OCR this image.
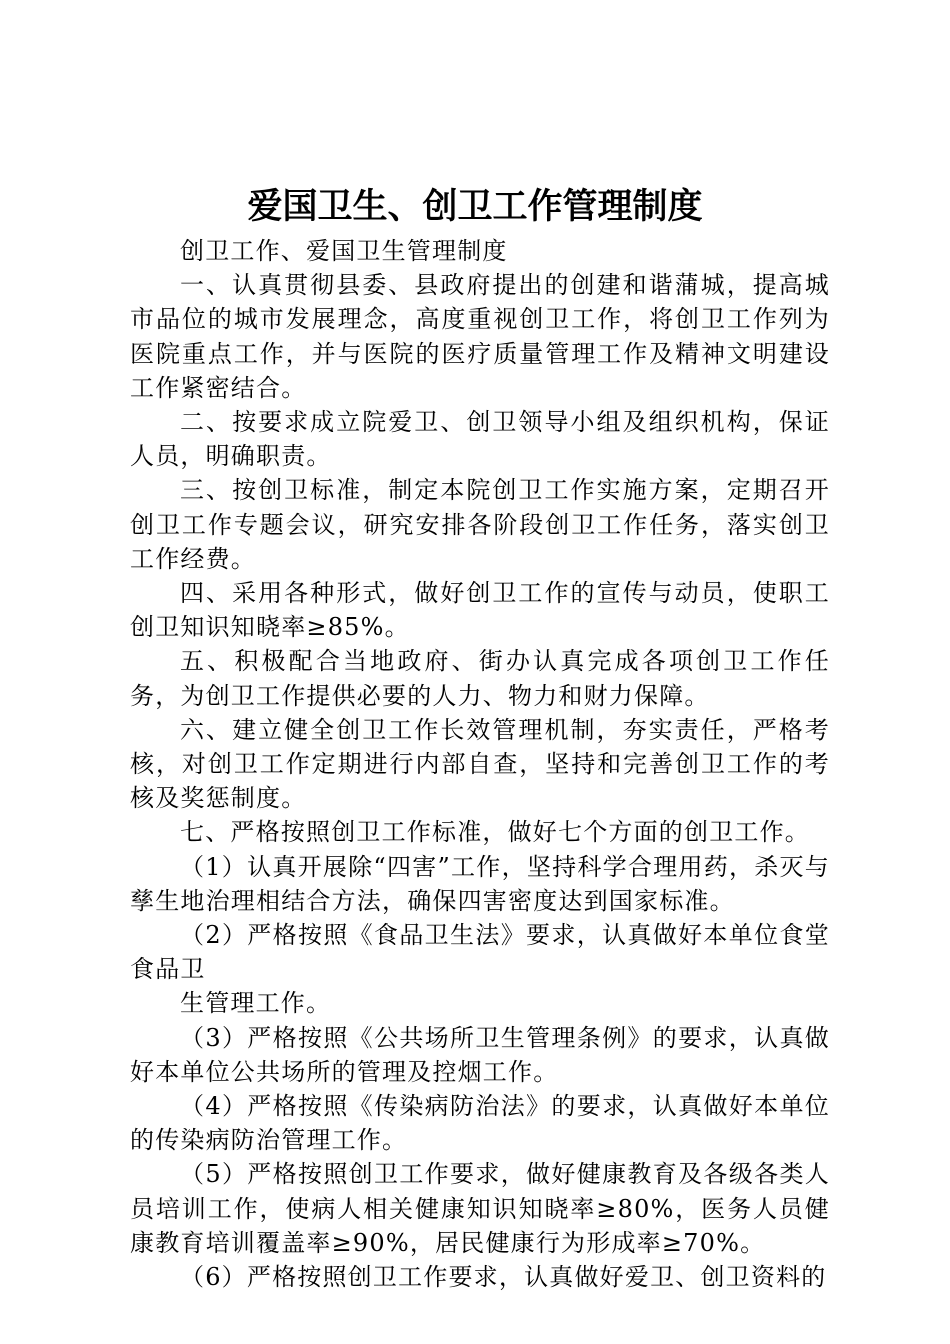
爱国卫生、创卫工作管理制度

创卫工作、爱国卫生管理制度

一、认真贯彻县委、县政府提出的创建和谐蒲城，提高城市品位的城市发展理念，高度重视创卫工作，将创卫工作列为医院重点工作，并与医院的医疗质量管理工作及精神文明建设工作紧密结合。

二、按要求成立院爱卫、创卫领导小组及组织机构，保证人员，明确职责。

三、按创卫标准，制定本院创卫工作实施方案，定期召开创卫工作专题会议，研究安排各阶段创卫工作任务，落实创卫工作经费。

四、采用各种形式，做好创卫工作的宣传与动员，使职工创卫知识知晓率≥85%。

五、积极配合当地政府、街办认真完成各项创卫工作任务，为创卫工作提供必要的人力、物力和财力保障。

六、建立健全创卫工作长效管理机制，夯实责任，严格考核，对创卫工作定期进行内部自查，坚持和完善创卫工作的考核及奖惩制度。

七、严格按照创卫工作标准，做好七个方面的创卫工作。

（1）认真开展除“四害”工作，坚持科学合理用药，杀灭与孳生地治理相结合方法，确保四害密度达到国家标准。

（2）严格按照《食品卫生法》要求，认真做好本单位食堂食品卫

生管理工作。

（3）严格按照《公共场所卫生管理条例》的要求，认真做好本单位公共场所的管理及控烟工作。

（4）严格按照《传染病防治法》的要求，认真做好本单位的传染病防治管理工作。

（5）严格按照创卫工作要求，做好健康教育及各级各类人员培训工作，使病人相关健康知识知晓率≥80%，医务人员健康教育培训覆盖率≥90%，居民健康行为形成率≥70%。

（6）严格按照创卫工作要求，认真做好爱卫、创卫资料的
